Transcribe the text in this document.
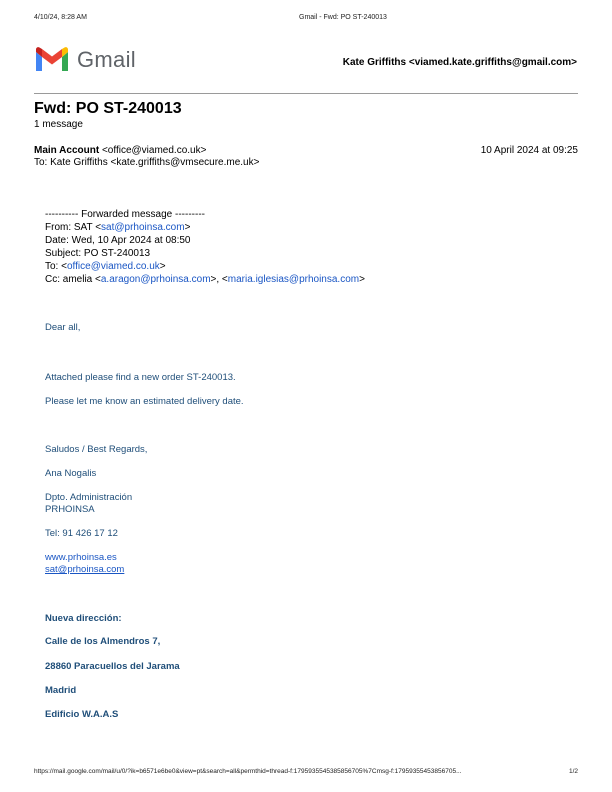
4/10/24, 8:28 AM	Gmail - Fwd: PO ST-240013
Gmail	Kate Griffiths <viamed.kate.griffiths@gmail.com>
Fwd: PO ST-240013
1 message
Main Account <office@viamed.co.uk>	10 April 2024 at 09:25
To: Kate Griffiths <kate.griffiths@vmsecure.me.uk>
---------- Forwarded message ---------
From: SAT <sat@prhoinsa.com>
Date: Wed, 10 Apr 2024 at 08:50
Subject: PO ST-240013
To: <office@viamed.co.uk>
Cc: amelia <a.aragon@prhoinsa.com>, <maria.iglesias@prhoinsa.com>
Dear all,
Attached please find a new order ST-240013.
Please let me know an estimated delivery date.
Saludos / Best Regards,
Ana Nogalis
Dpto. Administración
PRHOINSA
Tel: 91 426 17 12
www.prhoinsa.es
sat@prhoinsa.com
Nueva dirección:
Calle de los Almendros 7,
28860 Paracuellos del Jarama
Madrid
Edificio W.A.A.S
https://mail.google.com/mail/u/0/?ik=b6571e6be0&view=pt&search=all&permthid=thread-f:1795935545385856705%7Cmsg-f:17959355453856705...	1/2
